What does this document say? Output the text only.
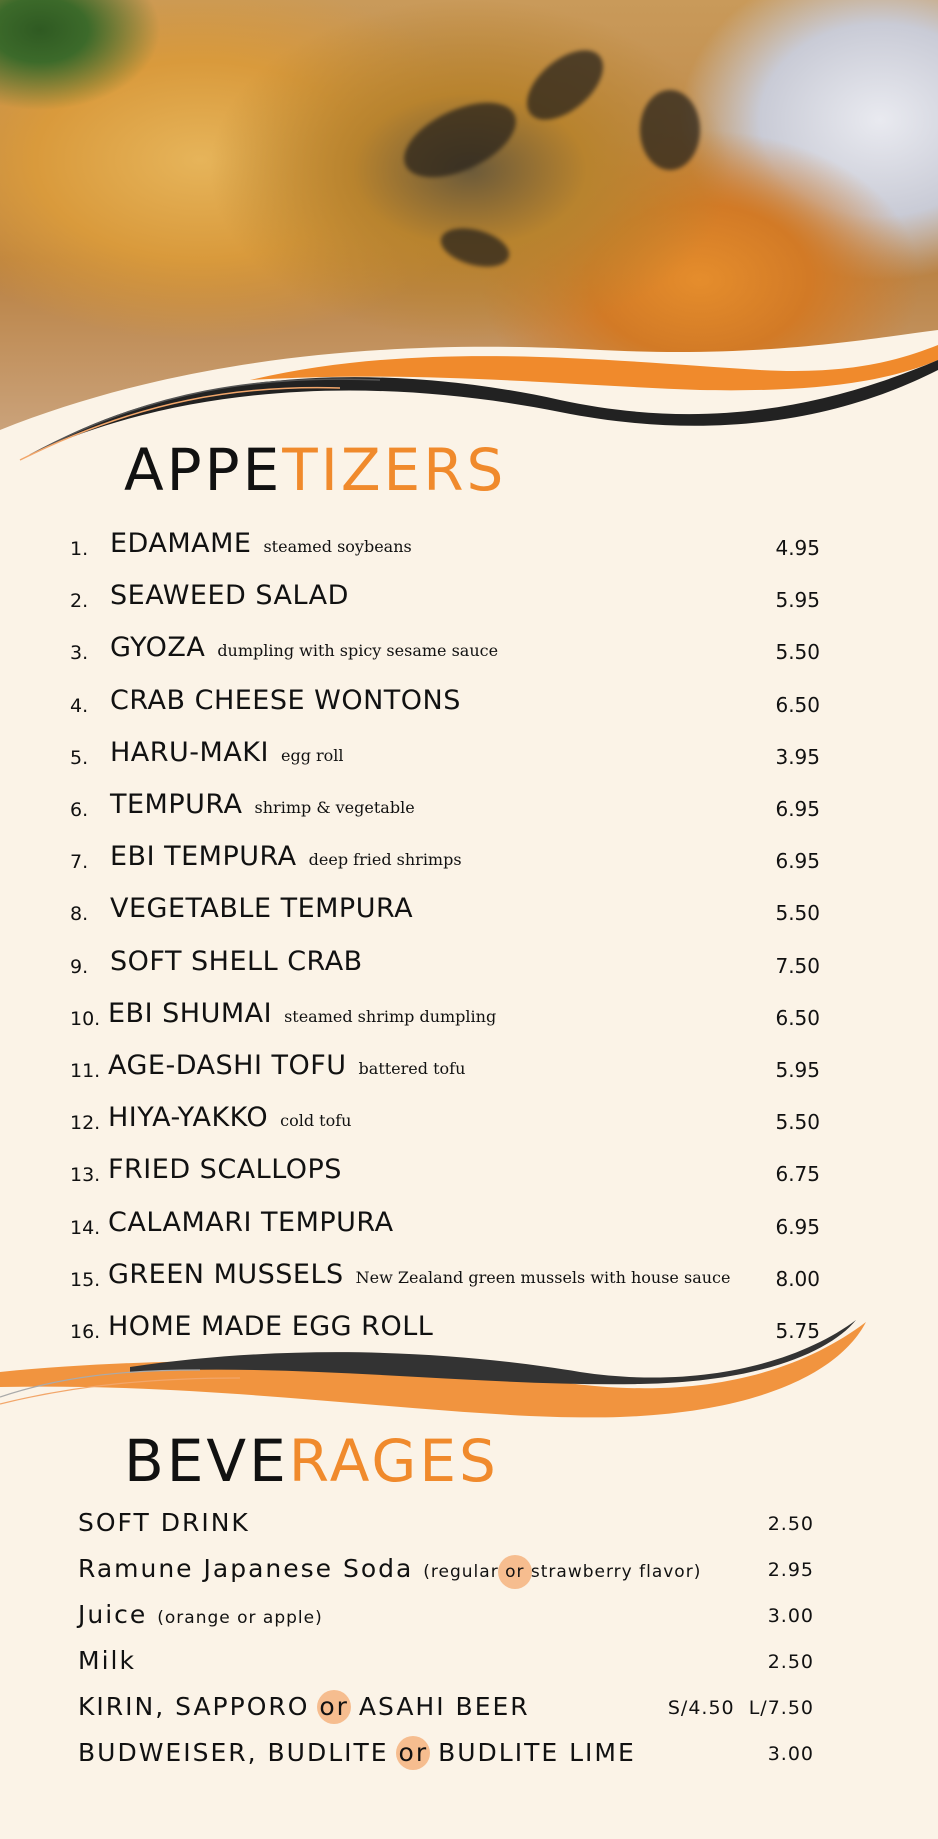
APPETIZERS
1. EDAMAME steamed soybeans	4.95
2. SEAWEED SALAD	5.95
3. GYOZA dumpling with spicy sesame sauce	5.50
4. CRAB CHEESE WONTONS	6.50
5. HARU-MAKI egg roll	3.95
6. TEMPURA shrimp & vegetable	6.95
7. EBI TEMPURA deep fried shrimps	6.95
8. VEGETABLE TEMPURA	5.50
9. SOFT SHELL CRAB	7.50
10. EBI SHUMAI steamed shrimp dumpling	6.50
11. AGE-DASHI TOFU battered tofu	5.95
12. HIYA-YAKKO cold tofu	5.50
13. FRIED SCALLOPS	6.75
14. CALAMARI TEMPURA	6.95
15. GREEN MUSSELS New Zealand green mussels with house sauce 8.00
16. HOME MADE EGG ROLL	5.75
BEVERAGES
SOFT DRINK	2.50
Ramune Japanese Soda (regular or strawberry flavor)	2.95
Juice (orange or apple)	3.00
Milk	2.50
KIRIN, SAPPORO or ASAHI BEER	S/4.50  L/7.50
BUDWEISER, BUDLITE or BUDLITE LIME	3.00
